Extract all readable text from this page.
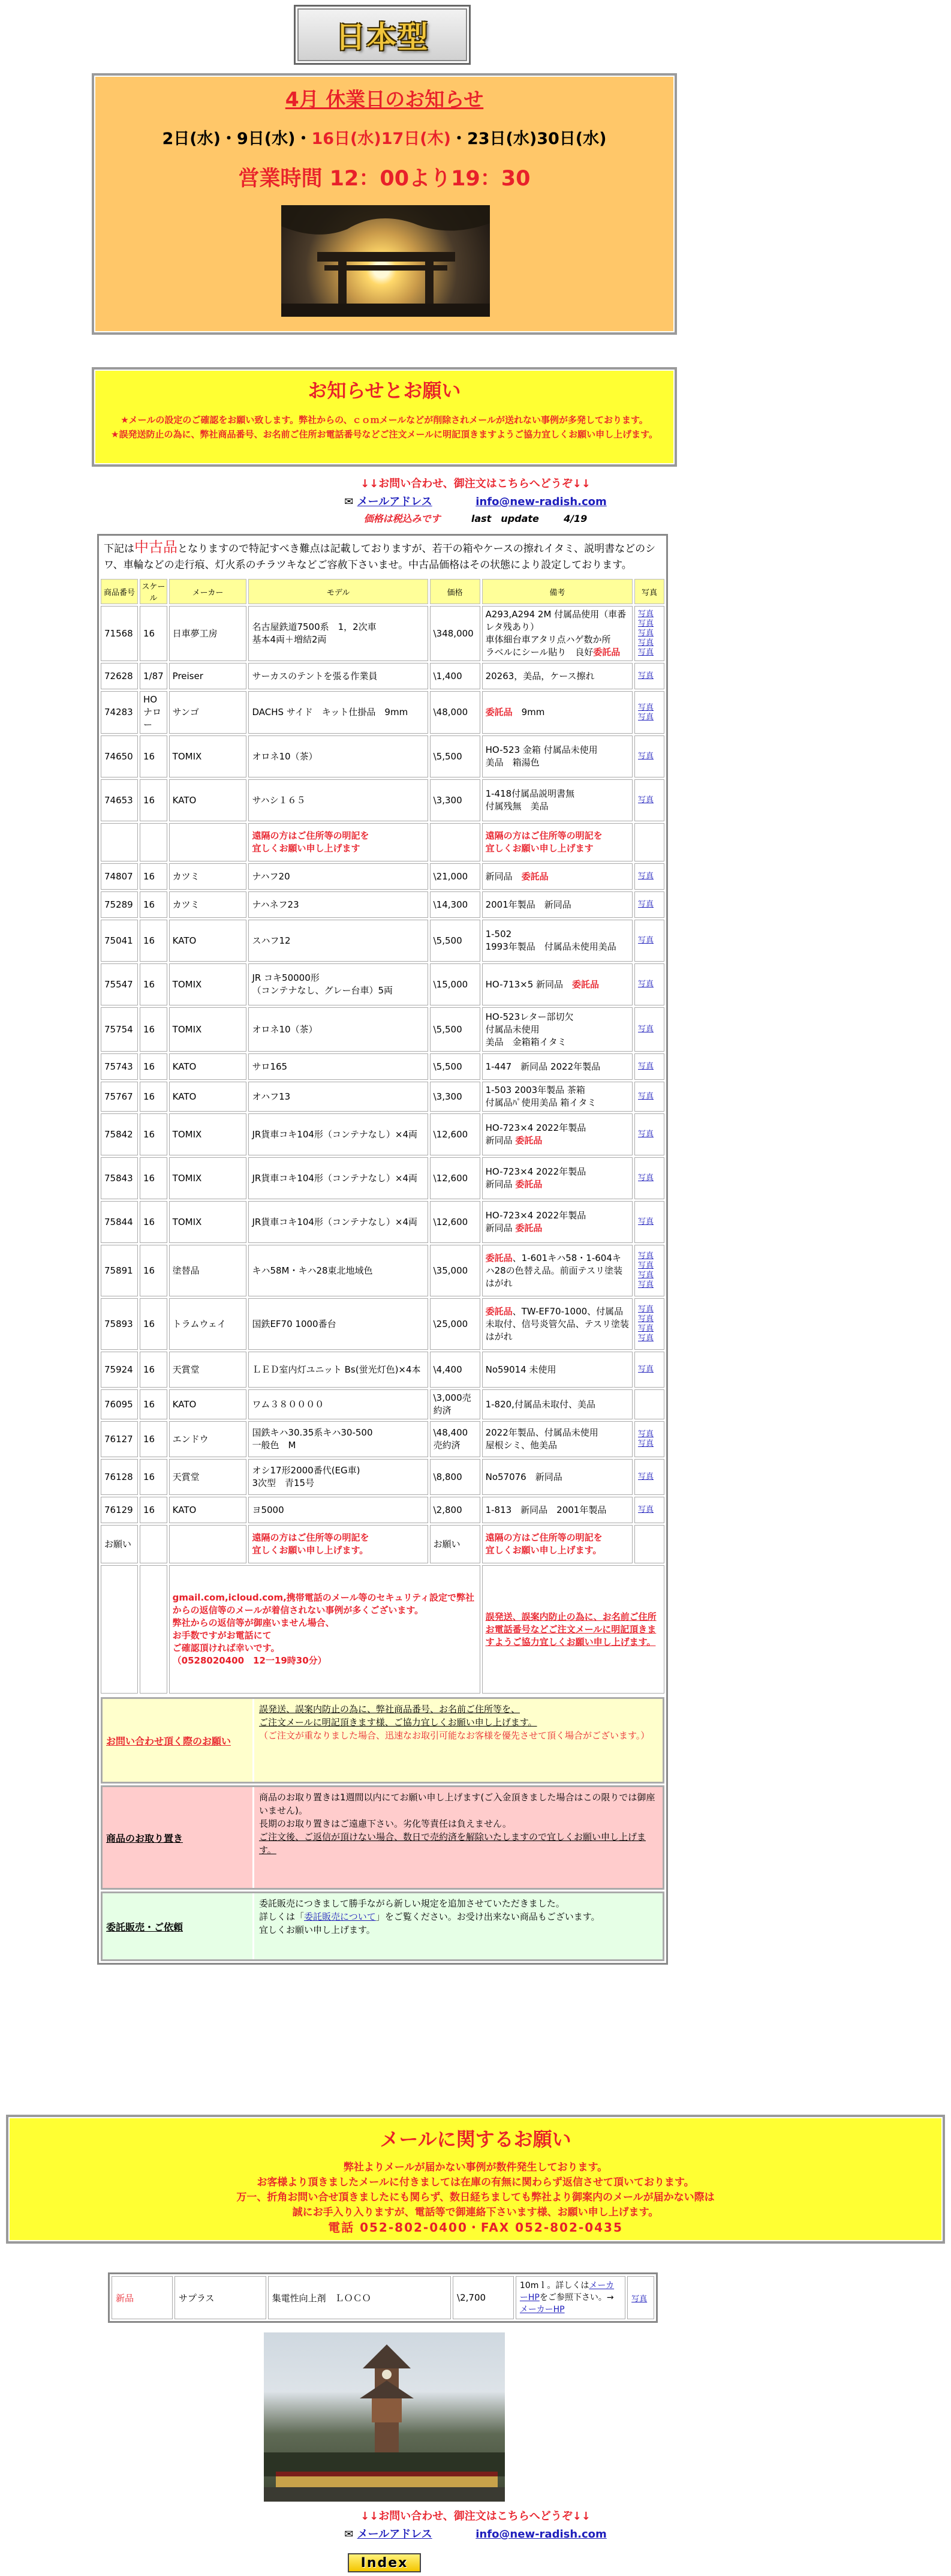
日本型
4月 休業日のお知らせ
2日(水)・9日(水)・16日(水)17日(木)・23日(水)30日(水)
営業時間 12：00より19：30
お知らせとお願い
★メールの設定のご確認をお願い致します。弊社からの、ｃｏｍメールなどが削除されメールが送れない事例が多発しております。
★誤発送防止の為に、弊社商品番号、お名前ご住所お電話番号などご注文メールに明記頂きますようご協力宜しくお願い申し上げます。
↓↓お問い合わせ、御注文はこちらへどうぞ↓↓
✉ メールアドレス	info@new-radish.com
価格は税込みです	last　update	4/19
下記は中古品となりますので特記すべき難点は記載しておりますが、若干の箱やケースの擦れイタミ、説明書などのシワ、車輪などの走行痕、灯火系のチラツキなどご容赦下さいませ。中古品価格はその状態により設定しております。
商品番号	スケール	メーカー	モデル	価格	備考	写真
71568	16	日車夢工房	名古屋鉄道7500系　1，2次車
基本4両＋増結2両	\348,000	A293,A294 2M 付属品使用（車番レタ残あり）
車体細台車アタリ点ハゲ数か所
ラベルにシール貼り　良好委託品	写真
写真
写真
写真
写真

72628	1/87	Preiser	サーカスのテントを張る作業員	\1,400	20263，美品，ケース擦れ	写真

74283	HOナロー	サンゴ	DACHS サイド　キット仕掛品　9mm	\48,000	委託品　9mm	写真
写真

74650	16	TOMIX	オロネ10（茶）	\5,500	HO-523 金箱 付属品未使用
美品　箱湯色	写真

74653	16	KATO	サハシ１６５	\3,300	1-418付属品説明書無
付属残無　美品	写真

			遠隔の方はご住所等の明記を
宜しくお願い申し上げます		遠隔の方はご住所等の明記を
宜しくお願い申し上げます	
74807	16	カツミ	ナハフ20	\21,000	新同品　委託品	写真

75289	16	カツミ	ナハネフ23	\14,300	2001年製品　新同品	写真

75041	16	KATO	スハフ12	\5,500	1-502
1993年製品　付属品未使用美品	写真

75547	16	TOMIX	JR コキ50000形
（コンテナなし、グレー台車）5両	\15,000	HO-713×5 新同品　委託品	写真

75754	16	TOMIX	オロネ10（茶）	\5,500	HO-523レター部切欠
付属品未使用
美品　金箱箱イタミ	写真

75743	16	KATO	サロ165	\5,500	1-447　新同品 2022年製品	写真

75767	16	KATO	オハフ13	\3,300	1-503 2003年製品 茶箱
付属品ﾊﾟ使用美品 箱イタミ	写真

75842	16	TOMIX	JR貨車コキ104形（コンテナなし）×4両	\12,600	HO-723×4 2022年製品
新同品 委託品	写真

75843	16	TOMIX	JR貨車コキ104形（コンテナなし）×4両	\12,600	HO-723×4 2022年製品
新同品 委託品	写真

75844	16	TOMIX	JR貨車コキ104形（コンテナなし）×4両	\12,600	HO-723×4 2022年製品
新同品 委託品	写真

75891	16	塗替品	キハ58M・キハ28東北地域色	\35,000	委託品、1-601キハ58・1-604キハ28の色替え品。前面テスリ塗装はがれ	写真
写真
写真
写真

75893	16	トラムウェイ	国鉄EF70 1000番台	\25,000	委託品、TW-EF70-1000、付属品未取付、信号炎管欠品、テスリ塗装はがれ	写真
写真
写真
写真

75924	16	天賞堂	ＬＥＤ室内灯ユニット Bs(蛍光灯色)×4本	\4,400	No59014 未使用	写真

76095	16	KATO	ワム３８００００	\3,000売約済	1-820,付属品未取付、美品	
76127	16	エンドウ	国鉄キハ30.35系キハ30-500
一般色　M	\48,400売約済	2022年製品、付属品未使用
屋根シミ、他美品	写真
写真

76128	16	天賞堂	オシ17形2000番代(EG車)
3次型　青15号	\8,800	No57076　新同品	写真

76129	16	KATO	ヨ5000	\2,800	1-813　新同品　2001年製品	写真

お願い			遠隔の方はご住所等の明記を
宜しくお願い申し上げます。	お願い	遠隔の方はご住所等の明記を
宜しくお願い申し上げます。	
		gmail.com,icloud.com,携帯電話のメール等のセキュリティ設定で弊社からの返信等のメールが着信されない事例が多くございます。
弊社からの返信等が御座いません場合、
お手数ですがお電話にて
ご確認頂ければ幸いです。
（0528020400　12一19時30分）			誤発送、誤案内防止の為に、お名前ご住所お電話番号などご注文メールに明記頂きますようご協力宜しくお願い申し上げます。	
お問い合わせ頂く際のお願い
誤発送、誤案内防止の為に、弊社商品番号、お名前ご住所等を、
ご注文メールに明記頂きます様、ご協力宜しくお願い申し上げます。
（ご注文が重なりました場合、迅速なお取引可能なお客様を優先させて頂く場合がございます。）
商品のお取り置き
商品のお取り置きは1週間以内にてお願い申し上げます(ご入金頂きました場合はこの限りでは御座いません)。
長期のお取り置きはご遠慮下さい。劣化等責任は負えません。
ご注文後、ご返信が頂けない場合、数日で売約済を解除いたしますので宜しくお願い申し上げます。
委託販売・ご依頼
委託販売につきまして勝手ながら新しい規定を追加させていただきました。
詳しくは「委託販売について」をご覧ください。お受け出来ない商品もございます。
宜しくお願い申し上げます。
メールに関するお願い
弊社よりメールが届かない事例が数件発生しております。
お客様より頂きましたメールに付きましては在庫の有無に関わらず返信させて頂いております。
万一、折角お問い合せ頂きましたにも関らず、数日経ちましても弊社より御案内のメールが届かない際は
誠にお手入り入りますが、電話等で御連絡下さいます様、お願い申し上げます。
電話 052-802-0400・FAX 052-802-0435
新品	サプラス	集電性向上剤　ＬＯＣＯ	\2,700	10mｌ。詳しくはメーカーHPをご参照下さい。→メーカーHP	写真
↓↓お問い合わせ、御注文はこちらへどうぞ↓↓
✉ メールアドレス	info@new-radish.com
Index
